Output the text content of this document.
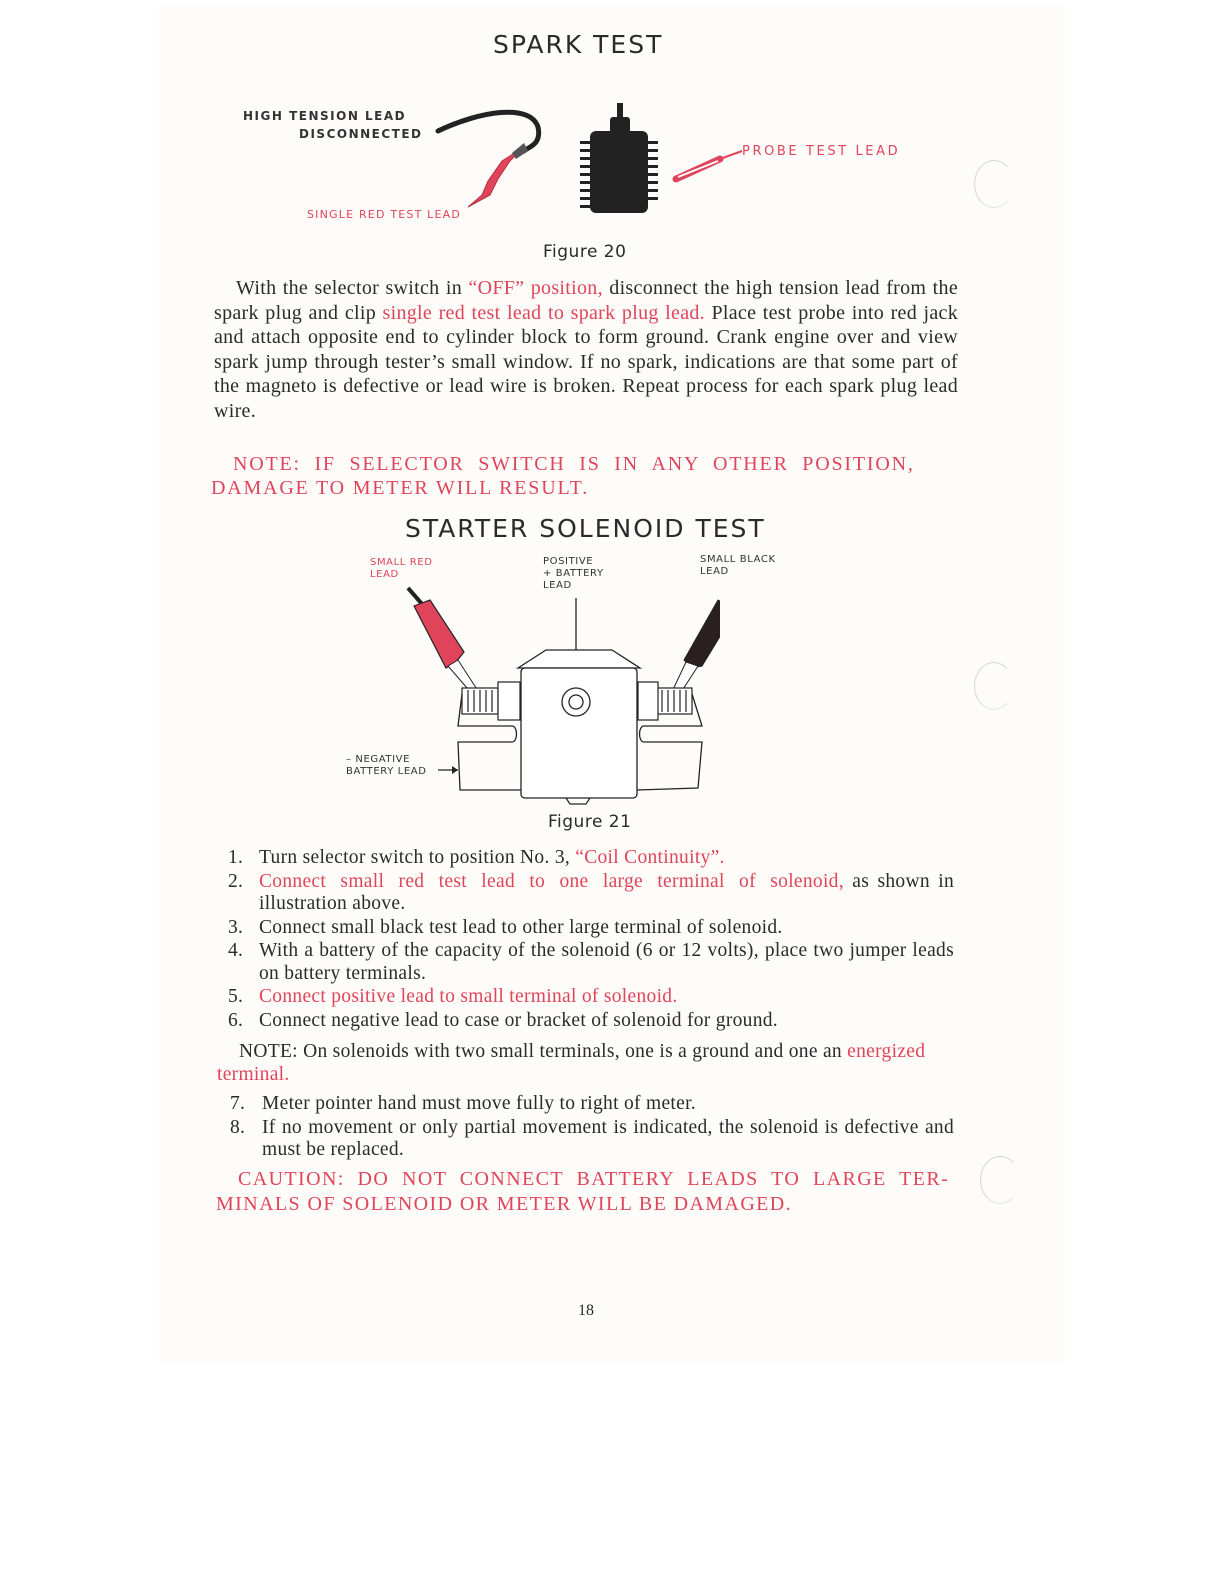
SPARK TEST
HIGH TENSION LEAD
DISCONNECTED
SINGLE RED TEST LEAD
PROBE TEST LEAD
Figure 20
With the selector switch in “OFF” position, disconnect the high tension lead from the spark plug and clip single red test lead to spark plug lead. Place test probe into red jack and attach opposite end to cylinder block to form ground. Crank engine over and view spark jump through tester’s small window. If no spark, indications are that some part of the magneto is defective or lead wire is broken. Repeat process for each spark plug lead wire.
NOTE:  IF  SELECTOR  SWITCH  IS  IN  ANY  OTHER  POSITION,
DAMAGE TO METER WILL RESULT.
STARTER SOLENOID TEST
SMALL RED
LEAD
POSITIVE
+ BATTERY
LEAD
SMALL BLACK
LEAD
– NEGATIVE
BATTERY LEAD
Figure 21
1. Turn selector switch to position No. 3, “Coil Continuity”.
2. Connect small red test lead to one large terminal of solenoid, as shown in illustration above.
3. Connect small black test lead to other large terminal of solenoid.
4. With a battery of the capacity of the solenoid (6 or 12 volts), place two jumper leads on battery terminals.
5. Connect positive lead to small terminal of solenoid.
6. Connect negative lead to case or bracket of solenoid for ground.
NOTE: On solenoids with two small terminals, one is a ground and one an energized terminal.
7. Meter pointer hand must move fully to right of meter.
8. If no movement or only partial movement is indicated, the solenoid is defective and must be replaced.
CAUTION:  DO  NOT  CONNECT  BATTERY  LEADS  TO  LARGE  TER-
MINALS OF SOLENOID OR METER WILL BE DAMAGED.
18
